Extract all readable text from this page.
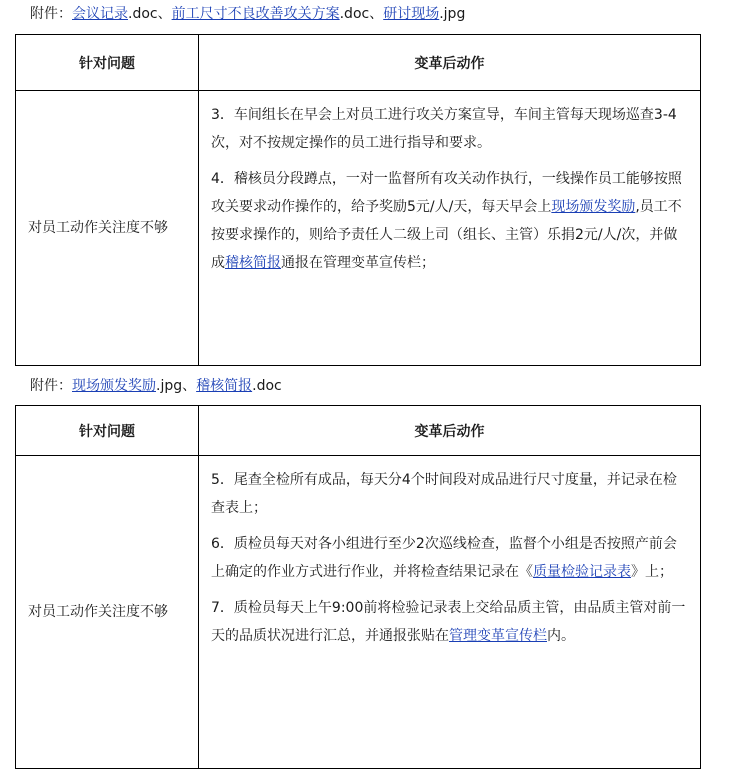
附件：会议记录.doc、前工尺寸不良改善攻关方案.doc、研讨现场.jpg
针对问题	变革后动作
对员工动作关注度不够	3．车间组长在早会上对员工进行攻关方案宣导，车间主管每天现场巡查3-4次，对不按规定操作的员工进行指导和要求。

4．稽核员分段蹲点，一对一监督所有攻关动作执行，一线操作员工能够按照攻关要求动作操作的，给予奖励5元/人/天，每天早会上现场颁发奖励,员工不按要求操作的，则给予责任人二级上司（组长、主管）乐捐2元/人/次，并做成稽核简报通报在管理变革宣传栏；

附件：现场颁发奖励.jpg、稽核简报.doc
针对问题	变革后动作
对员工动作关注度不够	5．尾查全检所有成品，每天分4个时间段对成品进行尺寸度量，并记录在检查表上；

6．质检员每天对各小组进行至少2次巡线检查，监督个小组是否按照产前会上确定的作业方式进行作业，并将检查结果记录在《质量检验记录表》上；

7．质检员每天上午9:00前将检验记录表上交给品质主管，由品质主管对前一天的品质状况进行汇总，并通报张贴在管理变革宣传栏内。
